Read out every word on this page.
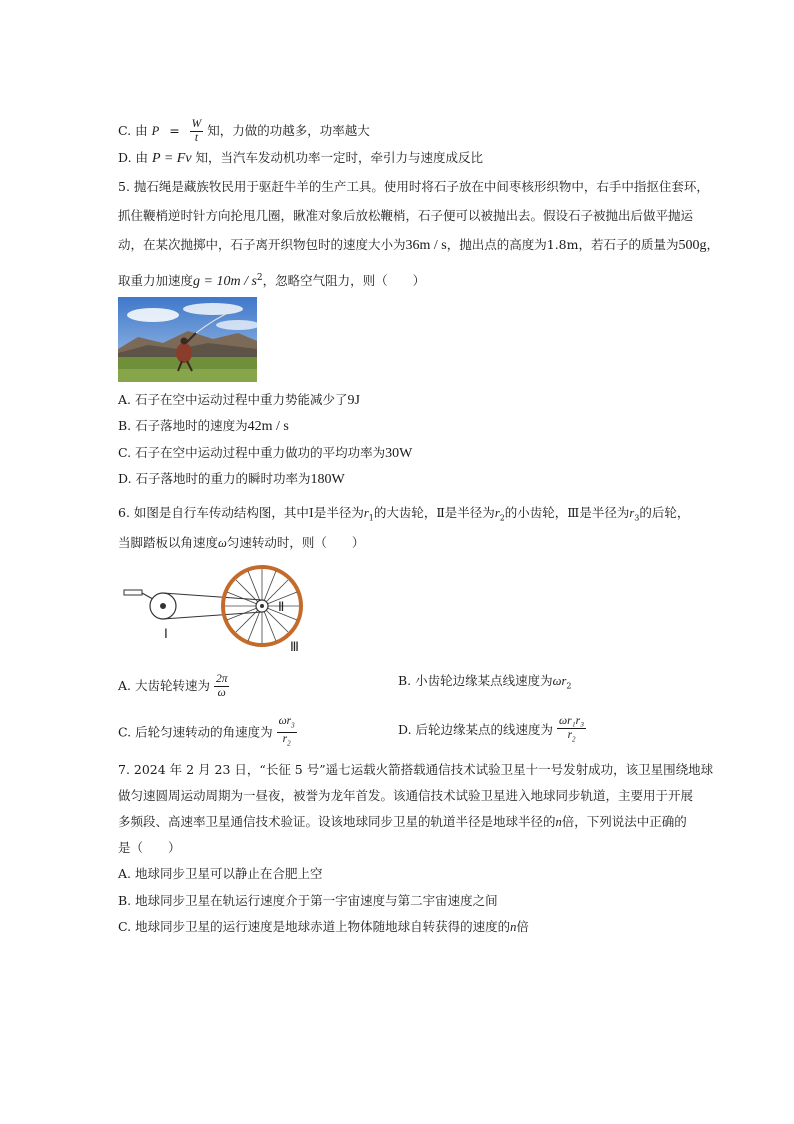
C. 由 $P = \frac{W}{t}$ 知，力做的功越多，功率越大
D. 由 P = Fv 知，当汽车发动机功率一定时，牵引力与速度成反比
5. 抛石绳是藏族牧民用于驱赶牛羊的生产工具。使用时将石子放在中间枣核形织物中，右手中指抠住套环，
抓住鞭梢逆时针方向抡甩几圈，瞅准对象后放松鞭梢，石子便可以被抛出去。假设石子被抛出后做平抛运
动，在某次抛掷中，石子离开织物包时的速度大小为36m / s，抛出点的高度为1.8m，若石子的质量为500g，
取重力加速度$g = 10m / s^2$，忽略空气阻力，则（　　）
A. 石子在空中运动过程中重力势能减少了9J
B. 石子落地时的速度为42m / s
C. 石子在空中运动过程中重力做功的平均功率为30W
D. 石子落地时的重力的瞬时功率为180W
6. 如图是自行车传动结构图，其中Ⅰ是半径为$r_1$的大齿轮，Ⅱ是半径为$r_2$的小齿轮，Ⅲ是半径为$r_3$的后轮，
当脚踏板以角速度ω匀速转动时，则（　　）
Ⅰ
Ⅱ
Ⅲ
A. 大齿轮转速为 $\frac{2\pi}{\omega}$	B. 小齿轮边缘某点线速度为$\omega r_2$
C. 后轮匀速转动的角速度为 $\frac{\omega r_3}{r_2}$	D. 后轮边缘某点的线速度为 $\frac{\text{ωr₁r₃}}{r_2}$
7. 2024 年 2 月 23 日，“长征 5 号”遥七运载火箭搭载通信技术试验卫星十一号发射成功，该卫星围绕地球
做匀速圆周运动周期为一昼夜，被誉为龙年首发。该通信技术试验卫星进入地球同步轨道，主要用于开展
多频段、高速率卫星通信技术验证。设该地球同步卫星的轨道半径是地球半径的n倍，下列说法中正确的
是（　　）
A. 地球同步卫星可以静止在合肥上空
B. 地球同步卫星在轨运行速度介于第一宇宙速度与第二宇宙速度之间
C. 地球同步卫星的运行速度是地球赤道上物体随地球自转获得的速度的n倍
